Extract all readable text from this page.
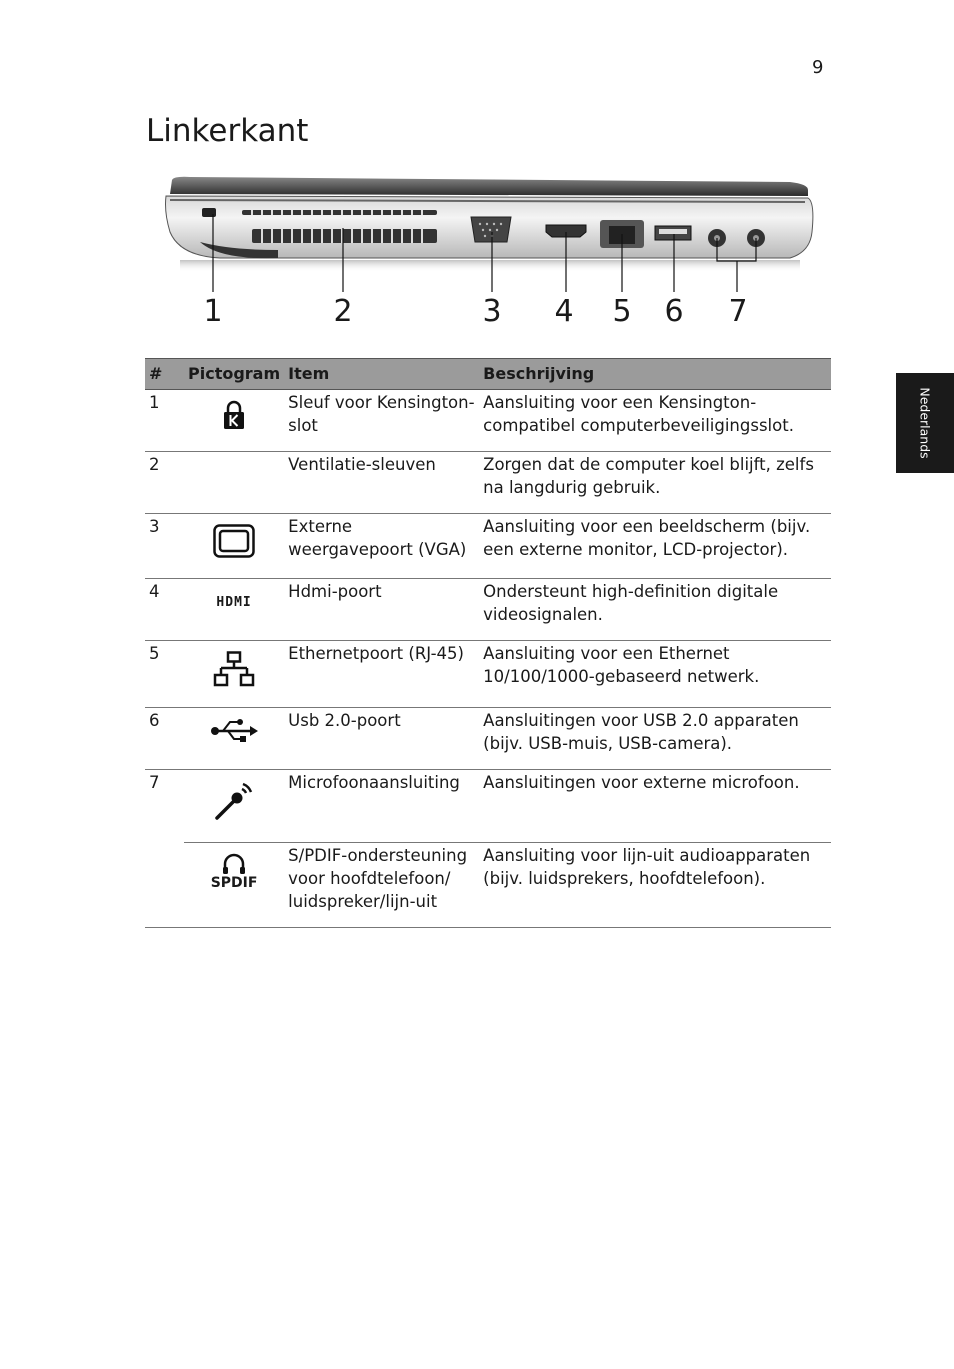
9
Linkerkant
Nederlands
1	2	3 4 5 6 7
#	Pictogram	Item	Beschrijving
1		Sleuf voor Kensington-slot	Aansluiting voor een Kensington-compatibel computerbeveiligingsslot.
2		Ventilatie-sleuven	Zorgen dat de computer koel blijft, zelfs na langdurig gebruik.
3		Externe weergavepoort (VGA)	Aansluiting voor een beeldscherm (bijv. een externe monitor, LCD-projector).
4	HDMI	Hdmi-poort	Ondersteunt high-definition digitale videosignalen.
5		Ethernetpoort (RJ-45)	Aansluiting voor een Ethernet 10/100/1000-gebaseerd netwerk.
6		Usb 2.0-poort	Aansluitingen voor USB 2.0 apparaten (bijv. USB-muis, USB-camera).
7		Microfoonaansluiting	Aansluitingen voor externe microfoon.

	SPDIF	S/PDIF-ondersteuning voor hoofdtelefoon/ luidspreker/lijn-uit	Aansluiting voor lijn-uit audioapparaten (bijv. luidsprekers, hoofdtelefoon).
